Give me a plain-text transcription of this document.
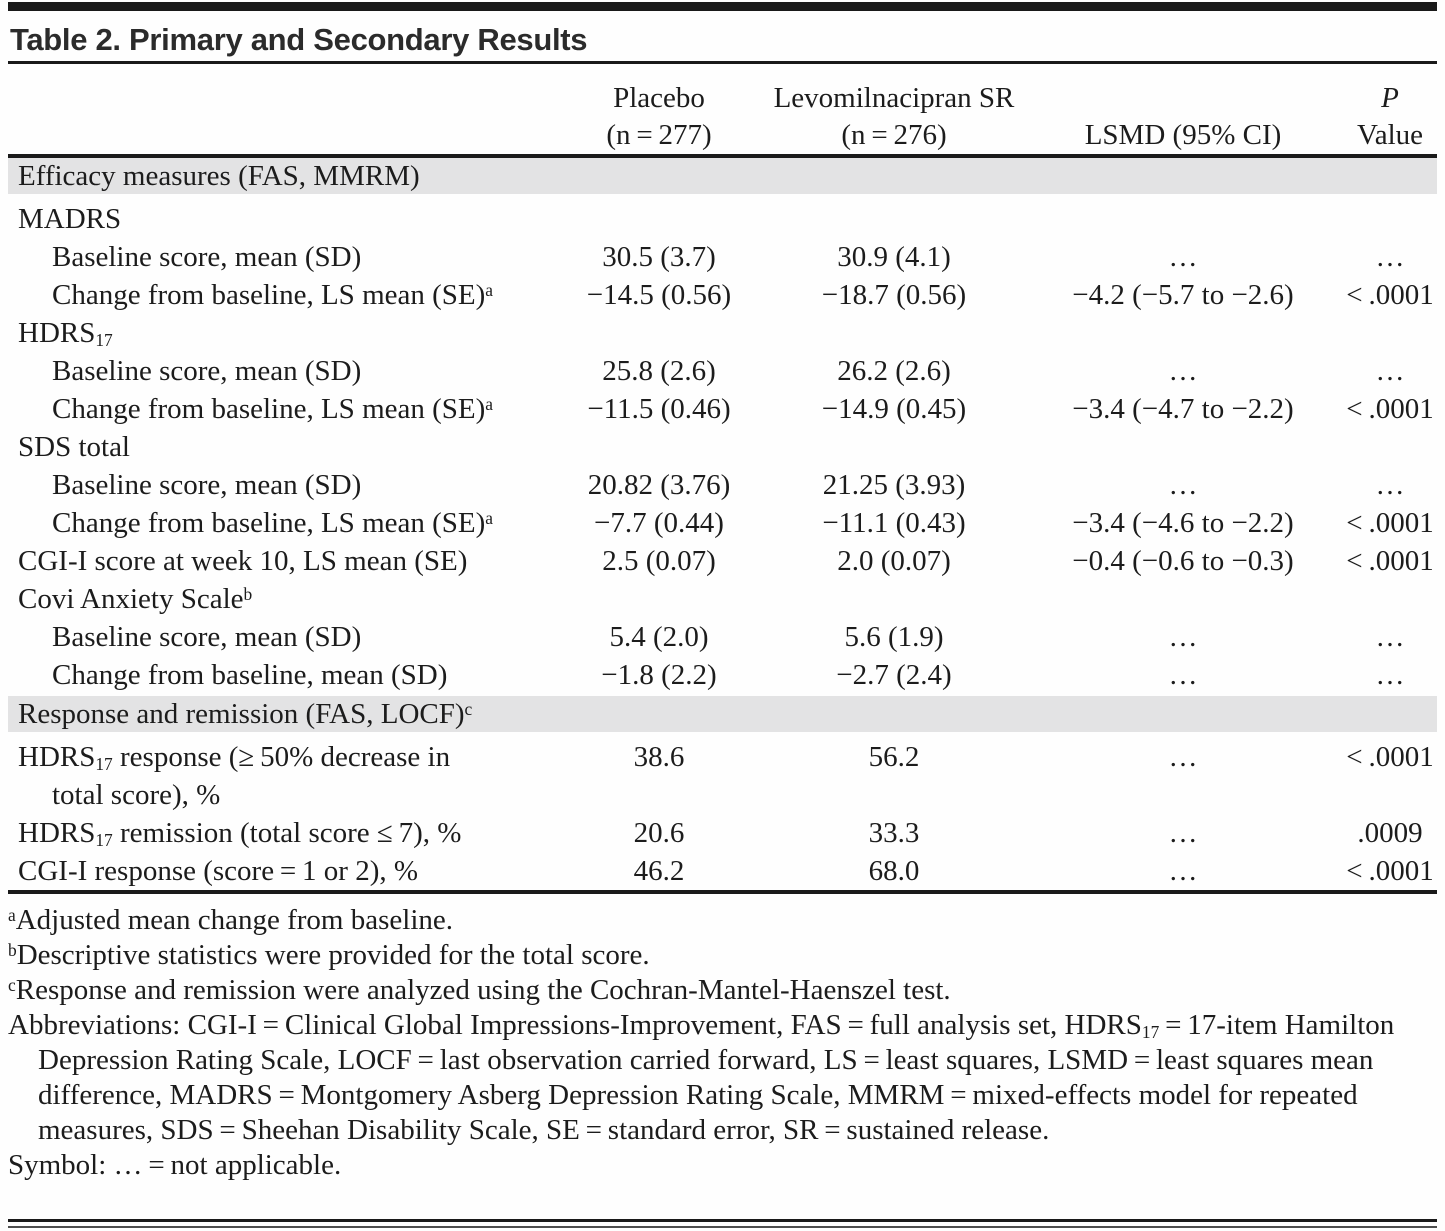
Table 2. Primary and Secondary Results
	Placebo	Levomilnacipran SR		P
	(n = 277)	(n = 276)	LSMD (95% CI)	Value
Efficacy measures (FAS, MMRM)				
MADRS				
Baseline score, mean (SD)	30.5 (3.7)	30.9 (4.1)	…	…
Change from baseline, LS mean (SE)$^a$	−14.5 (0.56)	−18.7 (0.56)	−4.2 (−5.7 to −2.6)	< .0001
$HDRS_{17}$				
Baseline score, mean (SD)	25.8 (2.6)	26.2 (2.6)	…	…
Change from baseline, LS mean (SE)$^a$	−11.5 (0.46)	−14.9 (0.45)	−3.4 (−4.7 to −2.2)	< .0001
SDS total				
Baseline score, mean (SD)	20.82 (3.76)	21.25 (3.93)	…	…
Change from baseline, LS mean (SE)$^a$	−7.7 (0.44)	−11.1 (0.43)	−3.4 (−4.6 to −2.2)	< .0001
CGI-I score at week 10, LS mean (SE)	2.5 (0.07)	2.0 (0.07)	−0.4 (−0.6 to −0.3)	< .0001
Covi Anxiety Scale$^b$				
Baseline score, mean (SD)	5.4 (2.0)	5.6 (1.9)	…	…
Change from baseline, mean (SD)	−1.8 (2.2)	−2.7 (2.4)	…	…
Response and remission (FAS, LOCF)$^c$
$HDRS_{17}$ response (≥ 50% decrease in
total score), %	38.6	56.2	…	< .0001
$HDRS_{17}$ remission (total score ≤ 7), %	20.6	33.3	…	.0009
CGI-I response (score = 1 or 2), %	46.2	68.0	…	< .0001
$^a$Adjusted mean change from baseline.
$^b$Descriptive statistics were provided for the total score.
$^c$Response and remission were analyzed using the Cochran-Mantel-Haenszel test.
Abbreviations: CGI-I = Clinical Global Impressions-Improvement, FAS = full analysis set, $HDRS_{17}$ = 17-item Hamilton Depression Rating Scale, LOCF = last observation carried forward, LS = least squares, LSMD = least squares mean difference, MADRS = Montgomery Asberg Depression Rating Scale, MMRM = mixed-effects model for repeated measures, SDS = Sheehan Disability Scale, SE = standard error, SR = sustained release.
Symbol: … = not applicable.
